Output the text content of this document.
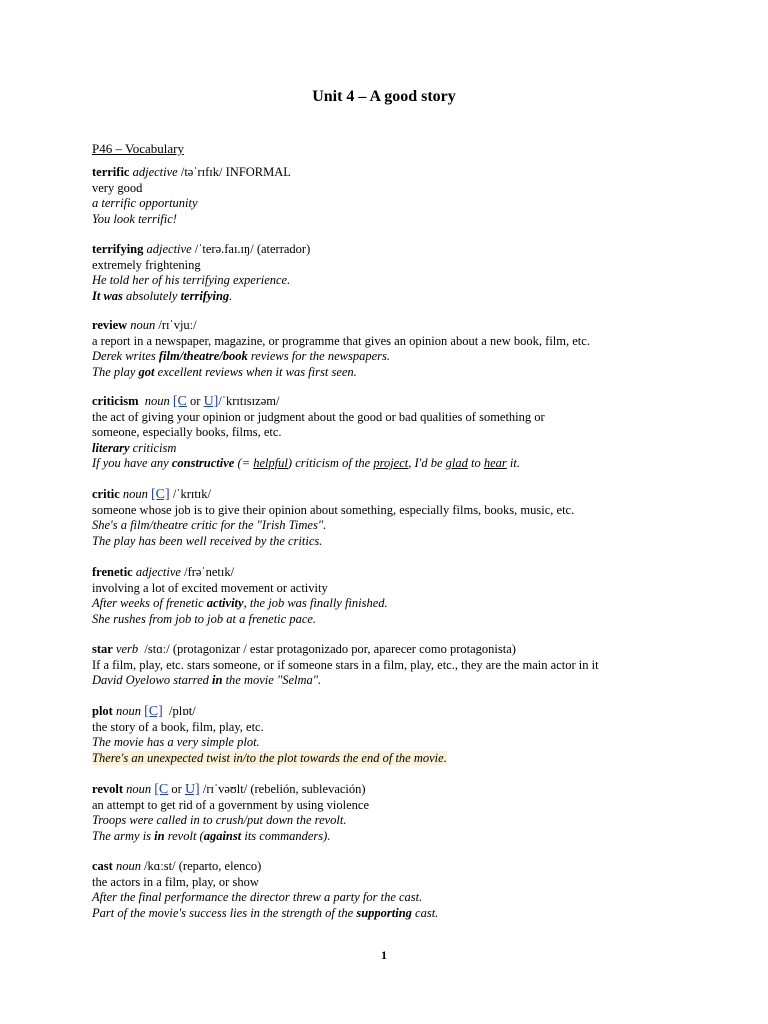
Unit 4 – A good story
P46 – Vocabulary
terrific adjective /təˈrɪfɪk/ INFORMAL
very good
a terrific opportunity
You look terrific!
terrifying adjective /ˈterə.faɪ.ɪŋ/ (aterrador)
extremely frightening
He told her of his terrifying experience.
It was absolutely terrifying.
review noun /rɪˈvjuː/
a report in a newspaper, magazine, or programme that gives an opinion about a new book, film, etc.
Derek writes film/theatre/book reviews for the newspapers.
The play got excellent reviews when it was first seen.
criticism noun [C or U]/ˈkrɪtɪsɪzəm/
the act of giving your opinion or judgment about the good or bad qualities of something or
someone, especially books, films, etc.
literary criticism
If you have any constructive (= helpful) criticism of the project, I'd be glad to hear it.
critic noun [C] /ˈkrɪtɪk/
someone whose job is to give their opinion about something, especially films, books, music, etc.
She's a film/theatre critic for the "Irish Times".
The play has been well received by the critics.
frenetic adjective /frəˈnetɪk/
involving a lot of excited movement or activity
After weeks of frenetic activity, the job was finally finished.
She rushes from job to job at a frenetic pace.
star verb /stɑː/ (protagonizar / estar protagonizado por, aparecer como protagonista)
If a film, play, etc. stars someone, or if someone stars in a film, play, etc., they are the main actor in it
David Oyelowo starred in the movie "Selma".
plot noun [C] /plɒt/
the story of a book, film, play, etc.
The movie has a very simple plot.
There's an unexpected twist in/to the plot towards the end of the movie.
revolt noun [C or U] /rɪˈvəʊlt/ (rebelión, sublevación)
an attempt to get rid of a government by using violence
Troops were called in to crush/put down the revolt.
The army is in revolt (against its commanders).
cast noun /kɑːst/ (reparto, elenco)
the actors in a film, play, or show
After the final performance the director threw a party for the cast.
Part of the movie's success lies in the strength of the supporting cast.
1
